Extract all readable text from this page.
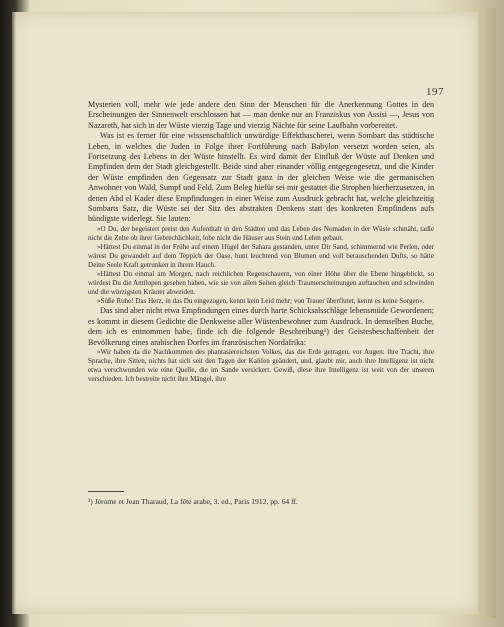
197

Mysterien voll, mehr wie jede andere den Sinn der Menschen für die Anerkennung Gottes in den Erscheinungen der Sinnenwelt erschlossen hat — man denke nur an Franziskus von Assisi —, Jesus von Nazareth, hat sich in der Wüste vierzig Tage und vierzig Nächte für seine Laufbahn vorbereitet.

Was ist es ferner für eine wissenschaftlich unwürdige Effekthascherei, wenn Sombart das städtische Leben, in welches die Juden in Folge ihrer Fortführung nach Babylon versetzt worden seien, als Fortsetzung des Lebens in der Wüste hinstellt. Es wird damit der Einfluß der Wüste auf Denken und Empfinden dem der Stadt gleichgestellt. Beide sind aber einander völlig entgegengesetzt, und die Kinder der Wüste empfinden den Gegensatz zur Stadt ganz in der gleichen Weise wie die germanischen Anwohner von Wald, Sumpf und Feld. Zum Beleg hiefür sei mir gestattet die Strophen hierherzusetzen, in denen Abd el Kader diese Empfindungen in einer Weise zum Ausdruck gebracht hat, welche gleichzeitig Sombarts Satz, die Wüste sei der Sitz des abstrakten Denkens statt des konkreten Empfindens aufs bündigste widerlegt. Sie lauten:

»O Du, der begeistert preist den Aufenthalt in den Städten und das Leben des Nomaden in der Wüste schmäht, tadle nicht die Zelte ob ihrer Gebrechlichkeit, lobe nicht die Häuser aus Stein und Lehm gebaut.

»Hättest Du einmal in der Frühe auf einem Hügel der Sahara gestanden, unter Dir Sand, schimmernd wie Perlen, oder wärest Du gewandelt auf dem Teppich der Oase, bunt leuchtend von Blumen und voll berauschenden Dufts, so hätte Deine Seele Kraft getrunken in ihrem Hauch.

»Hättest Du einmal am Morgen, nach reichlichen Regenschauern, von einer Höhe über die Ebene hingeblickt, so würdest Du die Antilopen gesehen haben, wie sie von allen Seiten gleich Traumerscheinungen auftauchen und schwinden und die würzigsten Kräuter abweiden.

»Süße Ruhe! Das Herz, in das Du eingezogen, kennt kein Leid mehr; von Trauer überflutet, kennt es keine Sorgen«.

Das sind aber nicht etwa Empfindungen eines durch harte Schicksalsschläge lebensmüde Gewordenen; es kommt in diesem Gedichte die Denkweise aller Wüstenbewohner zum Ausdruck. In demselben Buche, dem ich es entnommen habe, finde ich die folgende Beschreibung¹) der Geistesbeschaffenheit der Bevölkerung eines arabischen Dorfes im französischen Nordafrika:

»Wir haben da die Nachkommen des phantasiereichsten Volkes, das die Erde getragen, vor Augen: ihre Tracht, ihre Sprache, ihre Sitten, nichts hat sich seit den Tagen der Kalifen geändert, und, glaubt mir, auch ihre Intelligenz ist nicht etwa verschwunden wie eine Quelle, die im Sande versickert. Gewiß, diese ihre Intelligenz ist weit von der unseren verschieden. Ich bestreite nicht ihre Mängel, ihre

¹) Jérome et Jean Tharaud, La fête arabe, 3. ed., Paris 1912, pp. 64 ff.
